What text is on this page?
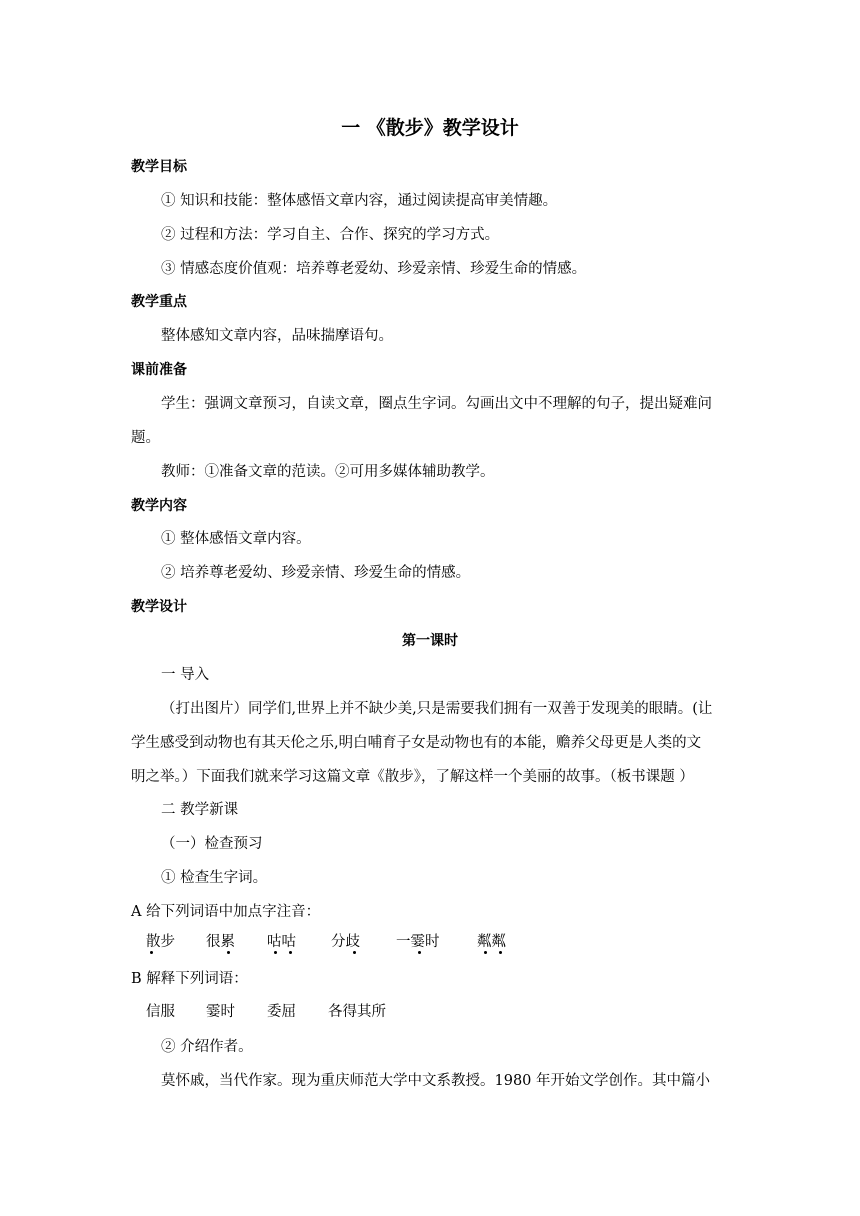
一 《散步》教学设计
教学目标
① 知识和技能：整体感悟文章内容，通过阅读提高审美情趣。
② 过程和方法：学习自主、合作、探究的学习方式。
③ 情感态度价值观：培养尊老爱幼、珍爱亲情、珍爱生命的情感。
教学重点
整体感知文章内容，品味揣摩语句。
课前准备
学生：强调文章预习，自读文章，圈点生字词。勾画出文中不理解的句子，提出疑难问
题。
教师：①准备文章的范读。②可用多媒体辅助教学。
教学内容
① 整体感悟文章内容。
② 培养尊老爱幼、珍爱亲情、珍爱生命的情感。
教学设计
第一课时
一 导入
（打出图片）同学们,世界上并不缺少美,只是需要我们拥有一双善于发现美的眼睛。(让
学生感受到动物也有其天伦之乐,明白哺育子女是动物也有的本能，赡养父母更是人类的文
明之举。）下面我们就来学习这篇文章《散步》，了解这样一个美丽的故事。（板书课题 ）
二 教学新课
（一）检查预习
① 检查生字词。
A 给下列词语中加点字注音：
散步 很累 咕咕 分歧 一霎时	粼粼
B 解释下列词语：
信服 霎时 委屈 各得其所
② 介绍作者。
莫怀戚，当代作家。现为重庆师范大学中文系教授。1980 年开始文学创作。其中篇小
